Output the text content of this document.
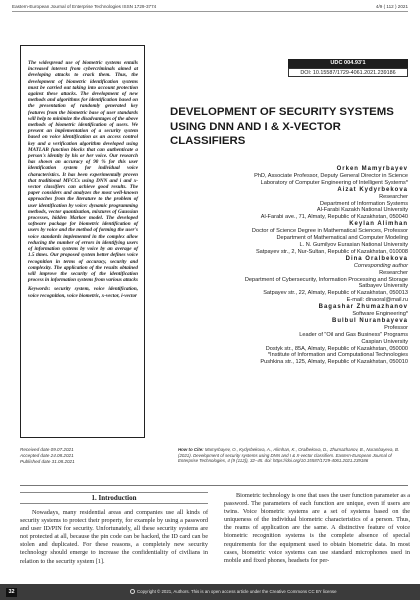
Eastern-European Journal of Enterprise Technologies ISSN 1729-3774	4/9 ( 112 ) 2021

The widespread use of biometric systems entails increased interest from cybercriminals aimed at developing attacks to crack them. Thus, the development of biometric identification systems must be carried out taking into account protection against these attacks. The development of new methods and algorithms for identification based on the presentation of randomly generated key features from the biometric base of user standards will help to minimize the disadvantages of the above methods of biometric identification of users. We present an implementation of a security system based on voice identification as an access control key and a verification algorithm developed using MATLAB function blocks that can authenticate a person's identity by his or her voice. Our research has shown an accuracy of 90 % for this user identification system for individual voice characteristics. It has been experimentally proven that traditional MFCCs using DNN and i and x-vector classifiers can achieve good results. The paper considers and analyzes the most well-known approaches from the literature to the problem of user identification by voice: dynamic programming methods, vector quantization, mixtures of Gaussian processes, hidden Markov model. The developed software package for biometric identification of users by voice and the method of forming the user's voice standards implemented in the complex allow reducing the number of errors in identifying users of information systems by voice by an average of 1.5 times. Our proposed system better defines voice recognition in terms of accuracy, security and complexity. The application of the results obtained will improve the security of the identification process in information systems from various attacks

Keywords: security system, voice identification, voice recognition, voice biometric, x-vector, i-vector

UDC 004.93'1
DOI: 10.15587/1729-4061.2021.239186
DEVELOPMENT OF SECURITY SYSTEMS USING DNN AND I & X-VECTOR CLASSIFIERS
Orken Mamyrbayev
PhD, Associate Professor, Deputy General Director in Science
Laboratory of Computer Engineering of Intelligent Systems*
Aizat Kydyrbekova
Researcher
Department of Information Systems
Al-Farabi Kazakh National University
Al-Farabi ave., 71, Almaty, Republic of Kazakhstan, 050040
Keylan Alimhan
Doctor of Science Degree in Mathematical Sciences, Professor
Department of Mathematical and Computer Modeling
L. N. Gumilyov Eurasian National University
Satpayev str., 2, Nur-Sultan, Republic of Kazakhstan, 010008
Dina Oralbekova
Corresponding author
Researcher
Department of Cybersecurity, Information Processing and Storage
Satbayev University
Satpayev str., 22, Almaty, Republic of Kazakhstan, 050013
E-mail: dinaoral@mail.ru
Bagashar Zhumazhanov
Software Engineering*
Bulbul Nuranbayeva
Professor
Leader of "Oil and Gas Business" Programs
Caspian University
Dostyk str., 85A, Almaty, Republic of Kazakhstan, 050000
*Institute of Information and Computational Technologies
Pushkina str., 125, Almaty, Republic of Kazakhstan, 050010
Received date 09.07.2021
Accepted date 24.08.2021
Published date 31.08.2021
How to Cite: Mamyrbayev, O., Kydyrbekova, A., Alimhan, K., Oralbekova, D., Zhumazhanov, B., Nuranbayeva, B. (2021). Development of security systems using DNN and I & X-vector classifiers. Eastern-European Journal of Enterprise Technologies, 4 (9 (112)), 32–45. doi: https://doi.org/10.15587/1729-4061.2021.239186
1. Introduction

Nowadays, many residential areas and companies use all kinds of security systems to protect their property, for example by using a password and user ID/PIN for security. Unfortunately, all these security systems are not protected at all, because the pin code can be hacked, the ID card can be stolen and duplicated. For these reasons, a completely new security technology should emerge to increase the confidentiality of civilians in relation to the security system [1].

Biometric technology is one that uses the user function parameter as a password. The parameters of each function are unique, even if users are twins. Voice biometric systems are a set of systems based on the uniqueness of the individual biometric characteristics of a person. Thus, the reams of application are the same. A distinctive feature of voice biometric recognition systems is the complete absence of special requirements for the equipment used to obtain biometric data. In most cases, biometric voice systems can use standard microphones used in mobile and fixed phones, headsets for per-

32	Copyright © 2021, Authors. This is an open access article under the Creative Commons CC BY license
